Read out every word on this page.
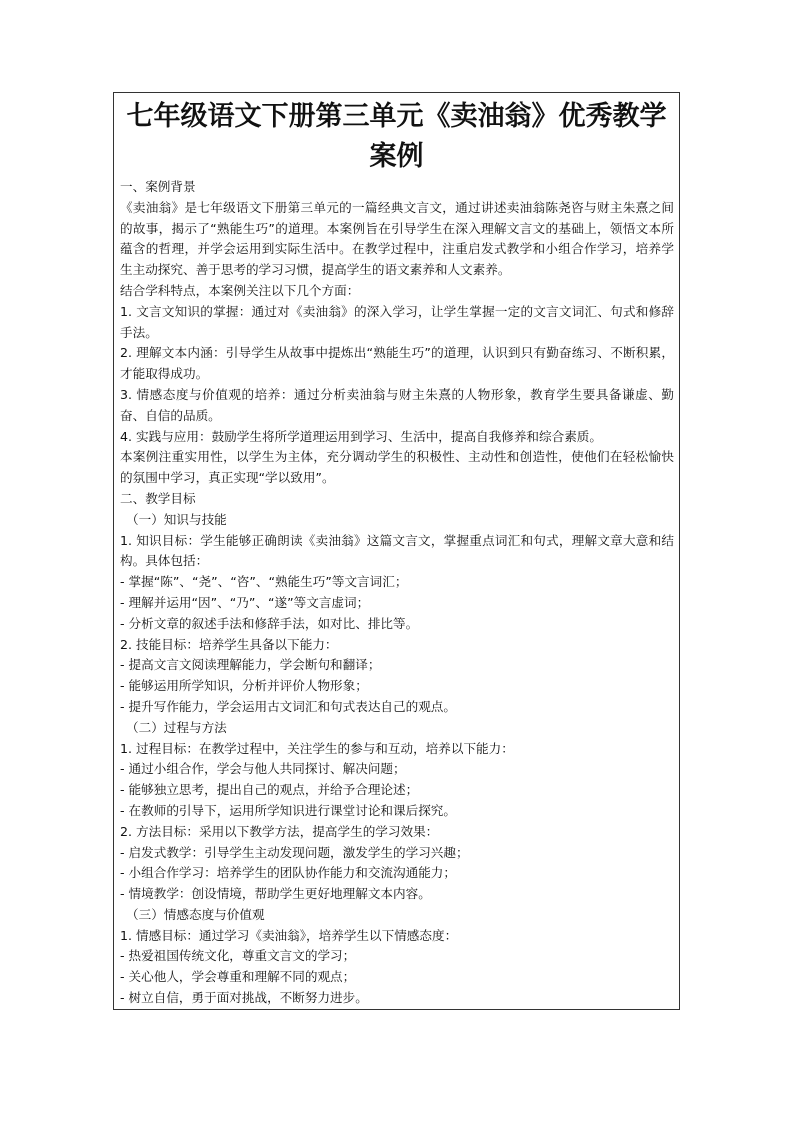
七年级语文下册第三单元《卖油翁》优秀教学案例
一、案例背景
《卖油翁》是七年级语文下册第三单元的一篇经典文言文，通过讲述卖油翁陈尧咨与财主朱熹之间的故事，揭示了“熟能生巧”的道理。本案例旨在引导学生在深入理解文言文的基础上，领悟文本所蕴含的哲理，并学会运用到实际生活中。在教学过程中，注重启发式教学和小组合作学习，培养学生主动探究、善于思考的学习习惯，提高学生的语文素养和人文素养。
结合学科特点，本案例关注以下几个方面：
1. 文言文知识的掌握：通过对《卖油翁》的深入学习，让学生掌握一定的文言文词汇、句式和修辞手法。
2. 理解文本内涵：引导学生从故事中提炼出“熟能生巧”的道理，认识到只有勤奋练习、不断积累，才能取得成功。
3. 情感态度与价值观的培养：通过分析卖油翁与财主朱熹的人物形象，教育学生要具备谦虚、勤奋、自信的品质。
4. 实践与应用：鼓励学生将所学道理运用到学习、生活中，提高自我修养和综合素质。
本案例注重实用性，以学生为主体，充分调动学生的积极性、主动性和创造性，使他们在轻松愉快的氛围中学习，真正实现“学以致用”。
二、教学目标
（一）知识与技能
1. 知识目标：学生能够正确朗读《卖油翁》这篇文言文，掌握重点词汇和句式，理解文章大意和结构。具体包括：
- 掌握“陈”、“尧”、“咨”、“熟能生巧”等文言词汇；
- 理解并运用“因”、“乃”、“遂”等文言虚词；
- 分析文章的叙述手法和修辞手法，如对比、排比等。
2. 技能目标：培养学生具备以下能力：
- 提高文言文阅读理解能力，学会断句和翻译；
- 能够运用所学知识，分析并评价人物形象；
- 提升写作能力，学会运用古文词汇和句式表达自己的观点。
（二）过程与方法
1. 过程目标：在教学过程中，关注学生的参与和互动，培养以下能力：
- 通过小组合作，学会与他人共同探讨、解决问题；
- 能够独立思考，提出自己的观点，并给予合理论述；
- 在教师的引导下，运用所学知识进行课堂讨论和课后探究。
2. 方法目标：采用以下教学方法，提高学生的学习效果：
- 启发式教学：引导学生主动发现问题，激发学生的学习兴趣；
- 小组合作学习：培养学生的团队协作能力和交流沟通能力；
- 情境教学：创设情境，帮助学生更好地理解文本内容。
（三）情感态度与价值观
1. 情感目标：通过学习《卖油翁》，培养学生以下情感态度：
- 热爱祖国传统文化，尊重文言文的学习；
- 关心他人，学会尊重和理解不同的观点；
- 树立自信，勇于面对挑战，不断努力进步。
